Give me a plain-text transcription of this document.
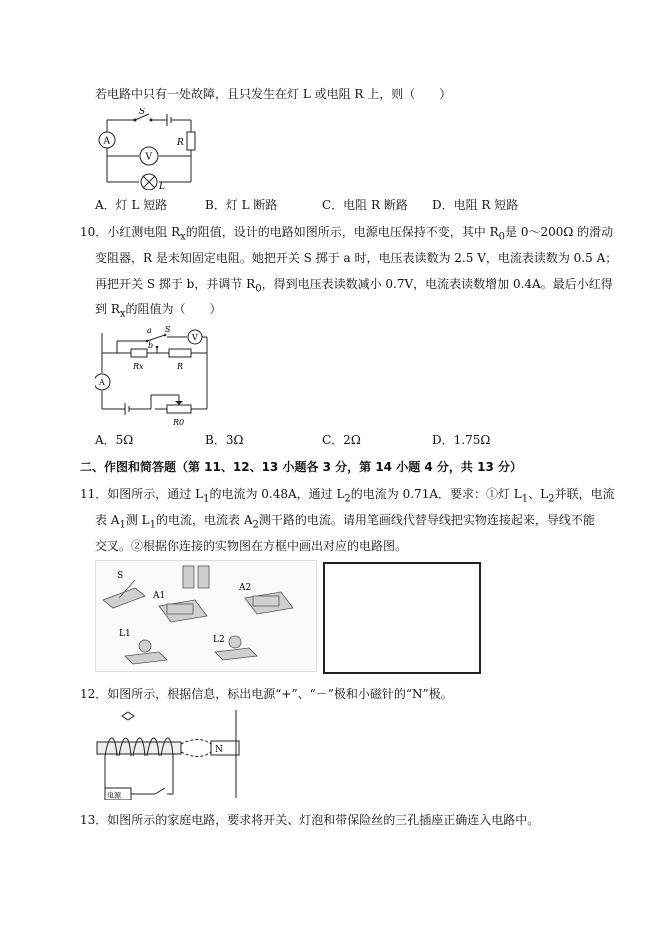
若电路中只有一处故障，且只发生在灯 L 或电阻 R 上，则（　　）
S
A
V
R
L
A．灯 L 短路	B．灯 L 断路	C．电阻 R 断路 D．电阻 R 短路
10．小红测电阻 $R_x$的阻值，设计的电路如图所示，电源电压保持不变，其中 $R_0$是 0～200Ω 的滑动
变阻器，R 是未知固定电阻。她把开关 S 掷于 a 时，电压表读数为 2.5 V，电流表读数为 0.5 A；
再把开关 S 掷于 b，并调节 $R_0$，得到电压表读数减小 0.7V，电流表读数增加 0.4A。最后小红得
到 $R_x$的阻值为（　　）
a S
b
V
A
Rx	R
R0
A．5Ω	B．3Ω	C．2Ω	D．1.75Ω
二、作图和简答题（第 11、12、13 小题各 3 分，第 14 小题 4 分，共 13 分）
11．如图所示，通过 $L_1$的电流为 0.48A，通过 $L_2$的电流为 0.71A．要求：①灯 $L_1$、$L_2$并联，电流
表 $A_1$测 $L_1$的电流，电流表 $A_2$测干路的电流。请用笔画线代替导线把实物连接起来，导线不能
交叉。②根据你连接的实物图在方框中画出对应的电路图。
S
A1
A2
L1
L2
12．如图所示，根据信息，标出电源“+”、“－”极和小磁针的“N”极。
N
电源
13．如图所示的家庭电路，要求将开关、灯泡和带保险丝的三孔插座正确连入电路中。
